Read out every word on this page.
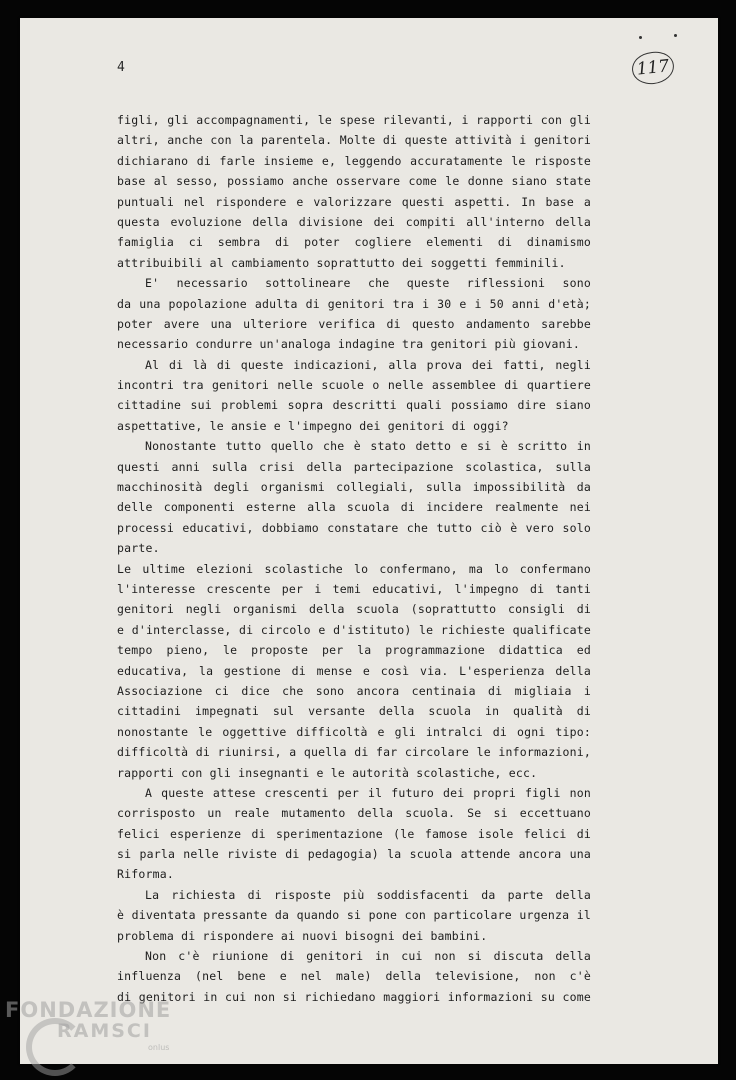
4	117
figli, gli accompagnamenti, le spese rilevanti, i rapporti con gli
altri, anche con la parentela. Molte di queste attività i genitori
dichiarano di farle insieme e, leggendo accuratamente le risposte
base al sesso, possiamo anche osservare come le donne siano state
puntuali nel rispondere e valorizzare questi aspetti. In base a
questa evoluzione della divisione dei compiti all'interno della
famiglia ci sembra di poter cogliere elementi di dinamismo
attribuibili al cambiamento soprattutto dei soggetti femminili.
E' necessario sottolineare che queste riflessioni sono
da una popolazione adulta di genitori tra i 30 e i 50 anni d'età;
poter avere una ulteriore verifica di questo andamento sarebbe
necessario condurre un'analoga indagine tra genitori più giovani.
Al di là di queste indicazioni, alla prova dei fatti, negli
incontri tra genitori nelle scuole o nelle assemblee di quartiere
cittadine sui problemi sopra descritti quali possiamo dire siano
aspettative, le ansie e l'impegno dei genitori di oggi?
Nonostante tutto quello che è stato detto e si è scritto in
questi anni sulla crisi della partecipazione scolastica, sulla
macchinosità degli organismi collegiali, sulla impossibilità da
delle componenti esterne alla scuola di incidere realmente nei
processi educativi, dobbiamo constatare che tutto ciò è vero solo
parte.
Le ultime elezioni scolastiche lo confermano, ma lo confermano
l'interesse crescente per i temi educativi, l'impegno di tanti
genitori negli organismi della scuola (soprattutto consigli di
e d'interclasse, di circolo e d'istituto) le richieste qualificate
tempo pieno, le proposte per la programmazione didattica ed
educativa, la gestione di mense e così via. L'esperienza della
Associazione ci dice che sono ancora centinaia di migliaia i
cittadini impegnati sul versante della scuola in qualità di
nonostante le oggettive difficoltà e gli intralci di ogni tipo:
difficoltà di riunirsi, a quella di far circolare le informazioni,
rapporti con gli insegnanti e le autorità scolastiche, ecc.
A queste attese crescenti per il futuro dei propri figli non
corrisposto un reale mutamento della scuola. Se si eccettuano
felici esperienze di sperimentazione (le famose isole felici di
si parla nelle riviste di pedagogia) la scuola attende ancora una
Riforma.
La richiesta di risposte più soddisfacenti da parte della
è diventata pressante da quando si pone con particolare urgenza il
problema di rispondere ai nuovi bisogni dei bambini.
Non c'è riunione di genitori in cui non si discuta della
influenza (nel bene e nel male) della televisione, non c'è
di genitori in cui non si richiedano maggiori informazioni su come
FONDAZIONE
RAMSCI
onlus
